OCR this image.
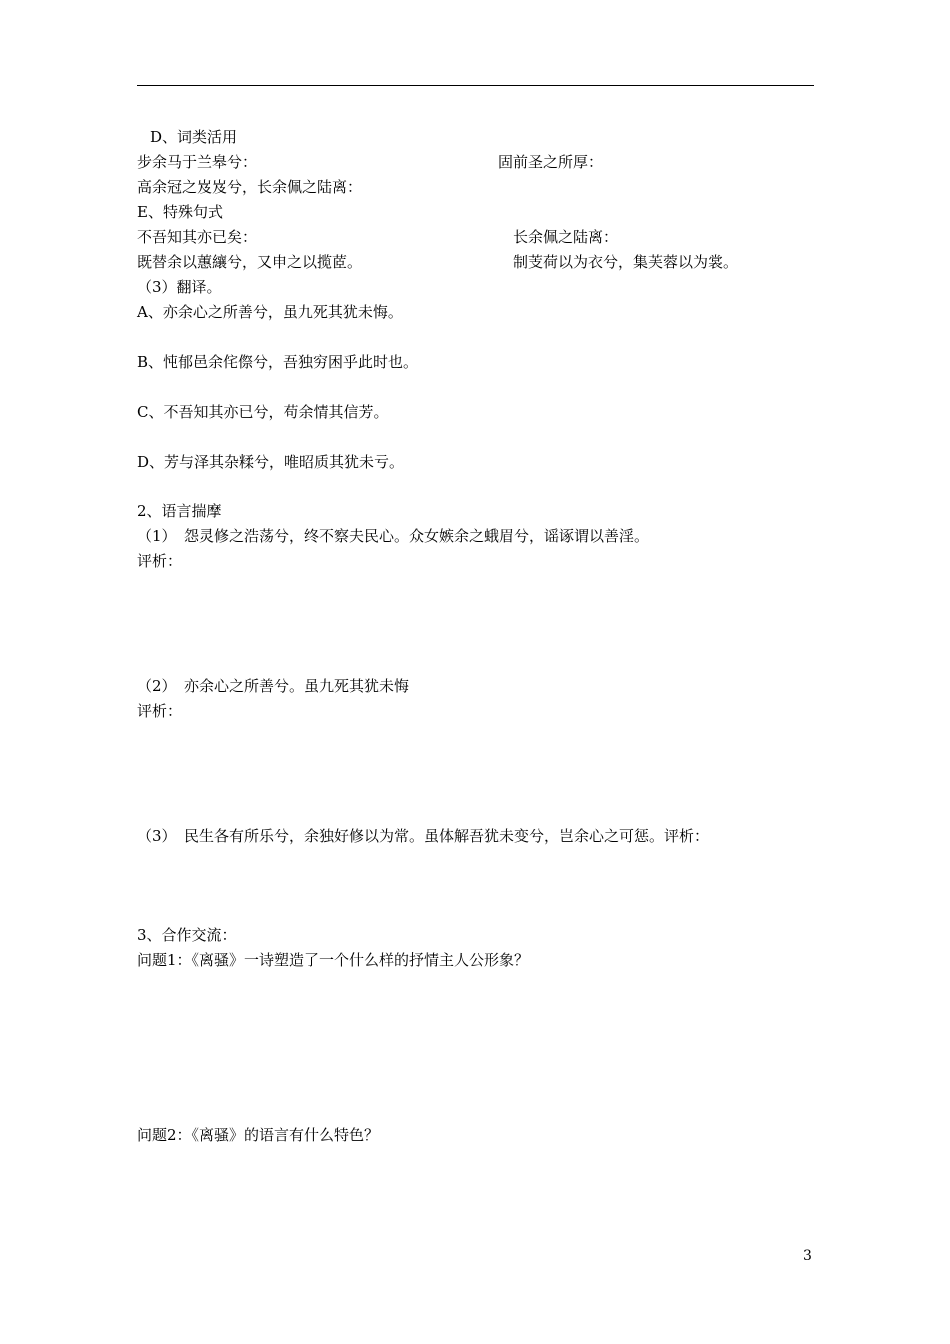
D、词类活用
步余马于兰皋兮：	固前圣之所厚：
高余冠之岌岌兮，长余佩之陆离：
E、特殊句式
不吾知其亦已矣：	长余佩之陆离：
既替余以蕙纕兮，又申之以揽茝。	制芰荷以为衣兮，集芙蓉以为裳。
（3）翻译。
A、亦余心之所善兮，虽九死其犹未悔。
B、忳郁邑余侘傺兮，吾独穷困乎此时也。
C、不吾知其亦已兮，苟余情其信芳。
D、芳与泽其杂糅兮，唯昭质其犹未亏。
2、语言揣摩
（1）　怨灵修之浩荡兮，终不察夫民心。众女嫉余之蛾眉兮，谣诼谓以善淫。
评析：
（2）　亦余心之所善兮。虽九死其犹未悔
评析：
（3）　民生各有所乐兮，余独好修以为常。虽体解吾犹未变兮，岂余心之可惩。评析：
3、合作交流：
问题1：《离骚》一诗塑造了一个什么样的抒情主人公形象？
问题2：《离骚》的语言有什么特色？
3
